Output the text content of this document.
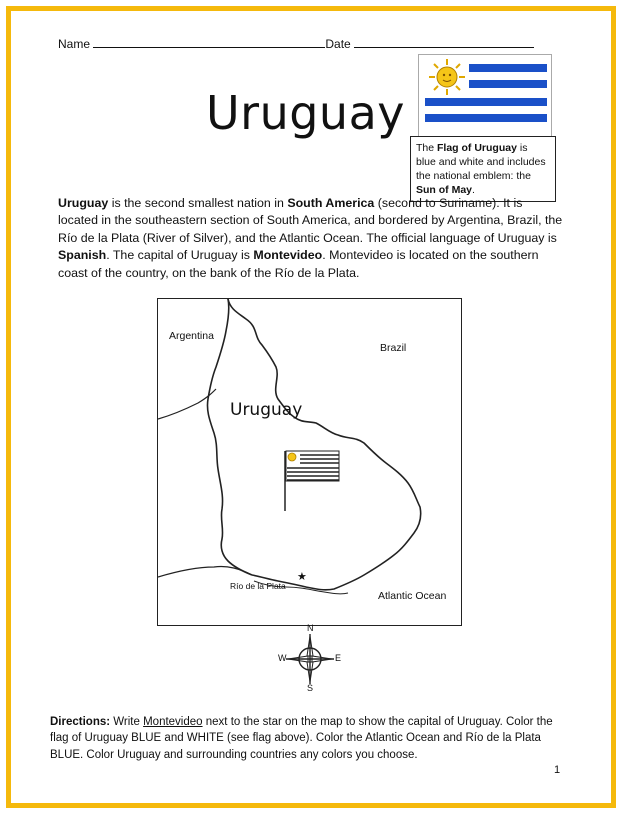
Name	Date
Uruguay
The Flag of Uruguay is blue and white and includes the national emblem: the Sun of May.
Uruguay is the second smallest nation in South America (second to Suriname). It is located in the southeastern section of South America, and bordered by Argentina, Brazil, the Río de la Plata (River of Silver), and the Atlantic Ocean. The official language of Uruguay is Spanish. The capital of Uruguay is Montevideo. Montevideo is located on the southern coast of the country, on the bank of the Río de la Plata.
Argentina
Brazil
Uruguay
Río de la Plata
Atlantic Ocean
★
N
S
W	E
Directions: Write Montevideo next to the star on the map to show the capital of Uruguay. Color the flag of Uruguay BLUE and WHITE (see flag above). Color the Atlantic Ocean and Río de la Plata BLUE. Color Uruguay and surrounding countries any colors you choose.
1
